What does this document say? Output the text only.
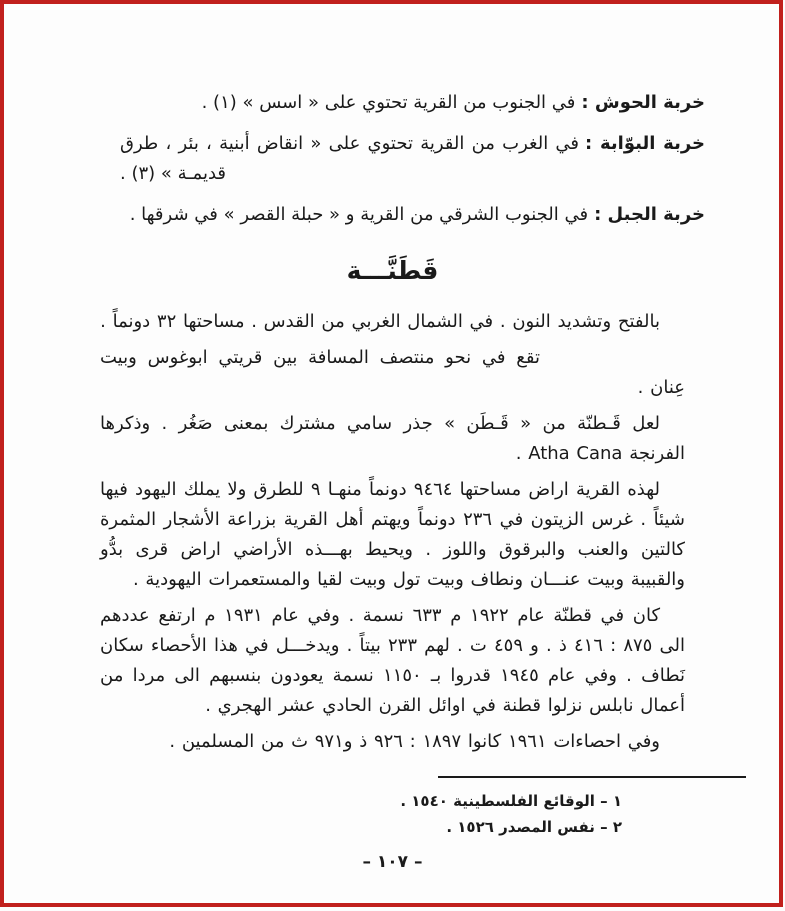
خربة الحوش :في الجنوب من القرية تحتوي على « اسس » (١) .

خربة البوّابة :في الغرب من القرية تحتوي على « انقاض أبنية ، بئر ، طرق قديمـة » (٣) .

خربة الجبل :في الجنوب الشرقي من القرية و « حبلة القصر » في شرقها .

قَطَنَّـــة

بالفتح وتشديد النون . في الشمال الغربي من القدس . مساحتها ٣٢ دونماً .

تقع في نحو منتصف المسافة بين قريتي ابوغوس وبيت عِنان .

لعل قَـطنّة من « قَـطَن » جذر سامي مشترك بمعنى صَغُر . وذكرها الفرنجة Atha Cana .

لهذه القرية اراض مساحتها ٩٤٦٤ دونماً منهـا ٩ للطرق ولا يملك اليهود فيها شيئاً . غرس الزيتون في ٢٣٦ دونماً ويهتم أهل القرية بزراعة الأشجار المثمرة كالتين والعنب والبرقوق واللوز . ويحيط بهـــذه الأراضي اراض قرى بدُّو والقبيبة وبيت عنـــان ونطاف وبيت تول وبيت لقيا والمستعمرات اليهودية .

كان في قطنّة عام ١٩٢٢ م ٦٣٣ نسمة . وفي عام ١٩٣١ م ارتفع عددهم الى ٨٧٥ : ٤١٦ ذ . و ٤٥٩ ت . لهم ٢٣٣ بيتاً . ويدخـــل في هذا الأحصاء سكان نَطاف . وفي عام ١٩٤٥ قدروا بـ ١١٥٠ نسمة يعودون بنسبهم الى مردا من أعمال نابلس نزلوا قطنة في اوائل القرن الحادي عشر الهجري .

وفي احصاءات ١٩٦١ كانوا ١٨٩٧ : ٩٢٦ ذ و٩٧١ ث من المسلمين .

١ – الوقائع الفلسطينية ١٥٤٠ .

٢ – نفس المصدر ١٥٢٦ .

– ١٠٧ –
